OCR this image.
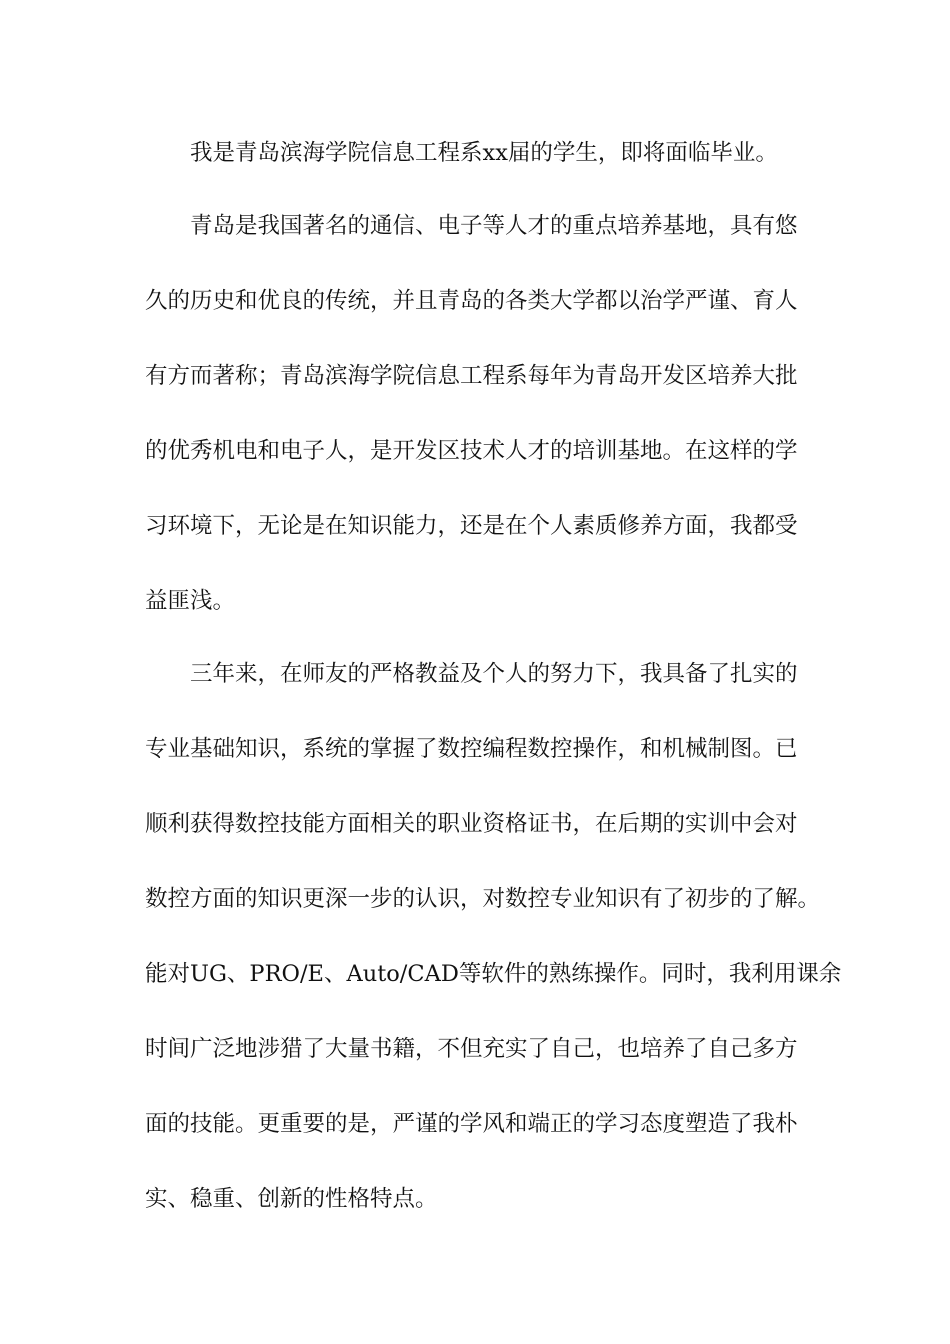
我是青岛滨海学院信息工程系xx届的学生，即将面临毕业。

青岛是我国著名的通信、电子等人才的重点培养基地，具有悠

久的历史和优良的传统，并且青岛的各类大学都以治学严谨、育人

有方而著称；青岛滨海学院信息工程系每年为青岛开发区培养大批

的优秀机电和电子人，是开发区技术人才的培训基地。在这样的学

习环境下，无论是在知识能力，还是在个人素质修养方面，我都受

益匪浅。

三年来，在师友的严格教益及个人的努力下，我具备了扎实的

专业基础知识，系统的掌握了数控编程数控操作，和机械制图。已

顺利获得数控技能方面相关的职业资格证书，在后期的实训中会对

数控方面的知识更深一步的认识，对数控专业知识有了初步的了解。

能对UG、PRO/E、Auto/CAD等软件的熟练操作。同时，我利用课余

时间广泛地涉猎了大量书籍，不但充实了自己，也培养了自己多方

面的技能。更重要的是，严谨的学风和端正的学习态度塑造了我朴

实、稳重、创新的性格特点。
